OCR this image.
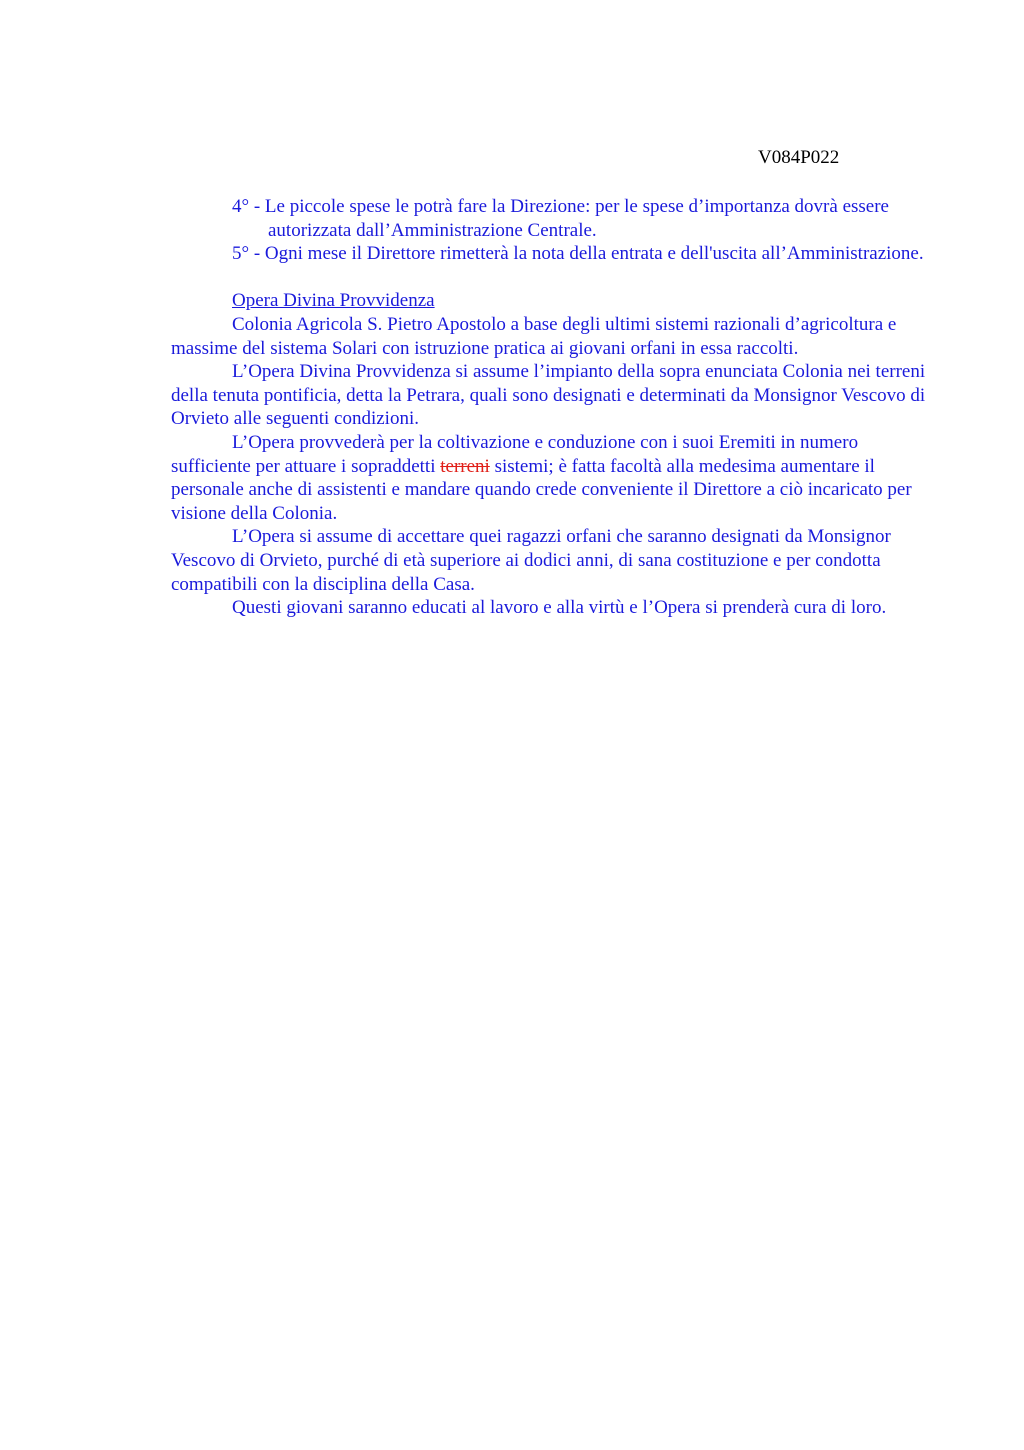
V084P022

4° - Le piccole spese le potrà fare la Direzione: per le spese d’importanza dovrà essere autorizzata dall’Amministrazione Centrale.

5° - Ogni mese il Direttore rimetterà la nota della entrata e dell'uscita all’Amministrazione.

Opera Divina Provvidenza

Colonia Agricola S. Pietro Apostolo a base degli ultimi sistemi razionali d’agricoltura e massime del sistema Solari con istruzione pratica ai giovani orfani in essa raccolti.

L’Opera Divina Provvidenza si assume l’impianto della sopra enunciata Colonia nei terreni della tenuta pontificia, detta la Petrara, quali sono designati e determinati da Monsignor Vescovo di Orvieto alle seguenti condizioni.

L’Opera provvederà per la coltivazione e conduzione con i suoi Eremiti in numero sufficiente per attuare i sopraddetti terreni sistemi; è fatta facoltà alla medesima aumentare il personale anche di assistenti e mandare quando crede conveniente il Direttore a ciò incaricato per visione della Colonia.

L’Opera si assume di accettare quei ragazzi orfani che saranno designati da Monsignor Vescovo di Orvieto, purché di età superiore ai dodici anni, di sana costituzione e per condotta compatibili con la disciplina della Casa.

Questi giovani saranno educati al lavoro e alla virtù e l’Opera si prenderà cura di loro.
